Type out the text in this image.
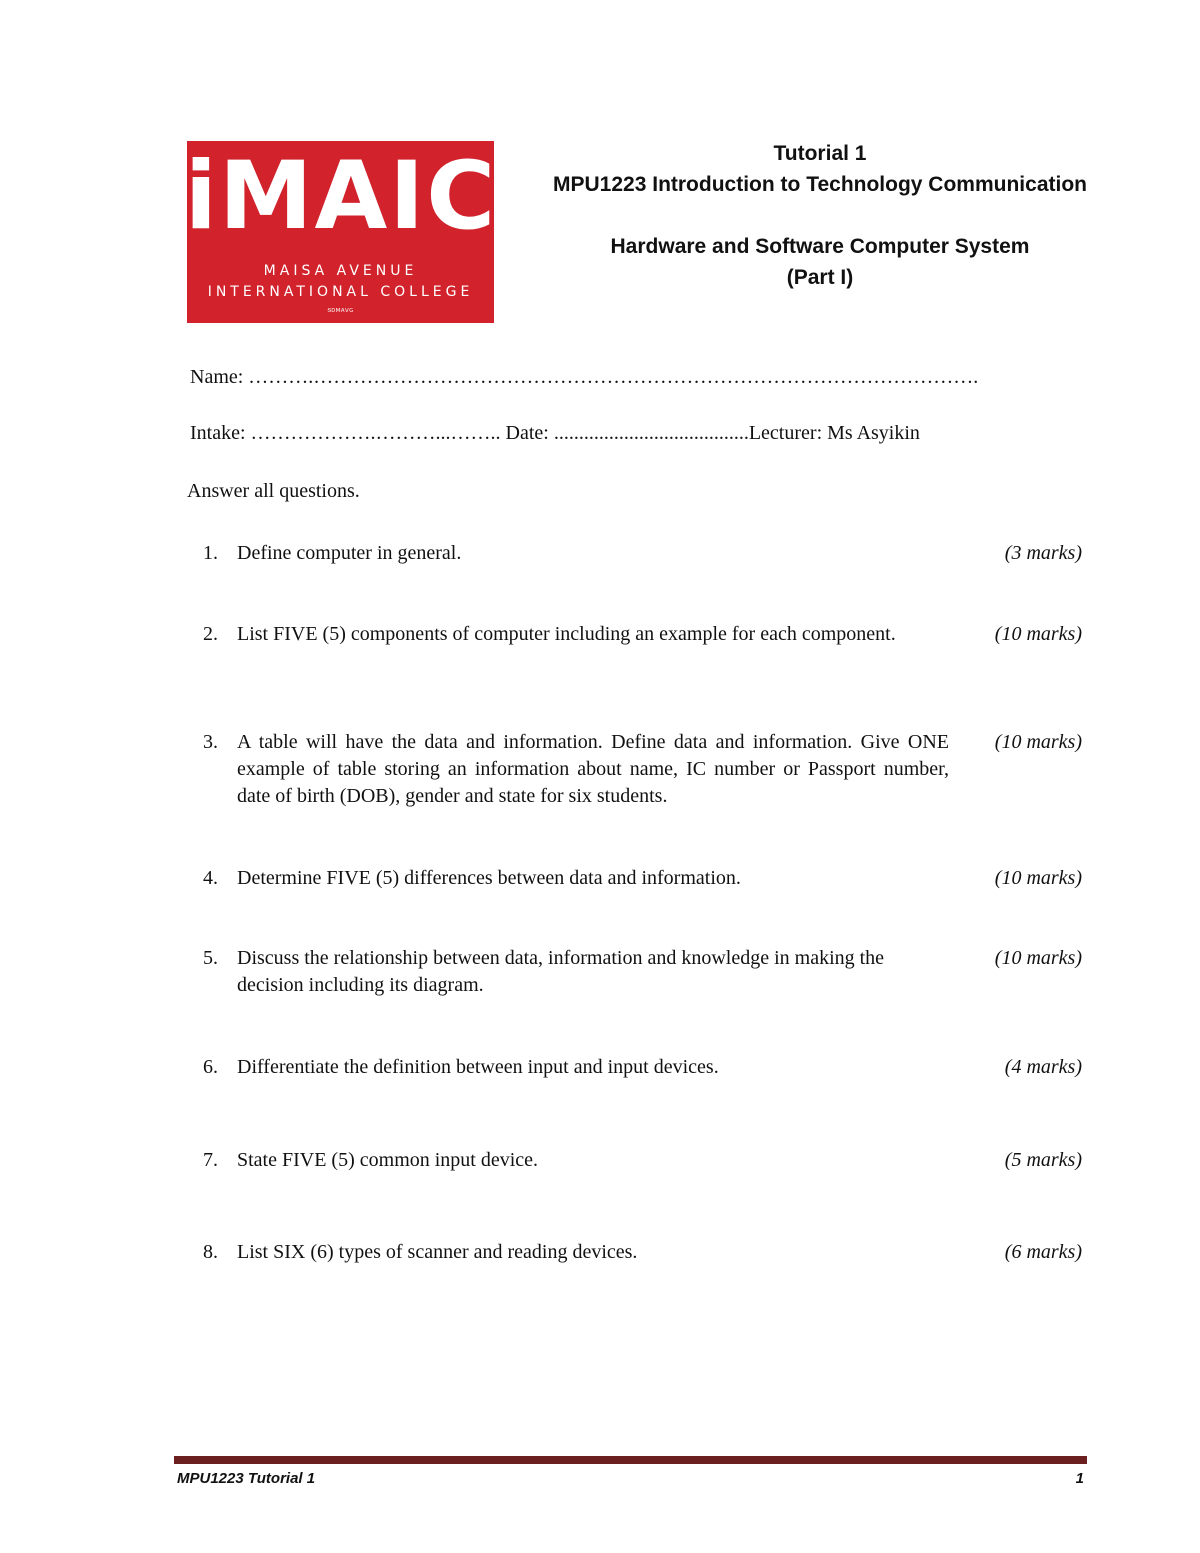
iMAIC
MAISA AVENUE
INTERNATIONAL COLLEGE
ᵴᴅᴍᴀᴠɢ
Tutorial 1
MPU1223 Introduction to Technology Communication
Hardware and Software Computer System
(Part I)
Name: ……….……………………………………………………………………………………….
Intake: ……………….………...…….. Date: .......................................Lecturer: Ms Asyikin
Answer all questions.
1. Define computer in general.	(3 marks)
2. List FIVE (5) components of computer including an example for each component.	(10 marks)
3. A table will have the data and information. Define data and information. Give ONE example of table storing an information about name, IC number or Passport number, date of birth (DOB), gender and state for six students.
(10 marks)
4. Determine FIVE (5) differences between data and information.	(10 marks)
5. Discuss the relationship between data, information and knowledge in making the decision including its diagram.
(10 marks)
6. Differentiate the definition between input and input devices.	(4 marks)
7. State FIVE (5) common input device.	(5 marks)
8. List SIX (6) types of scanner and reading devices.	(6 marks)
MPU1223 Tutorial 1	1
